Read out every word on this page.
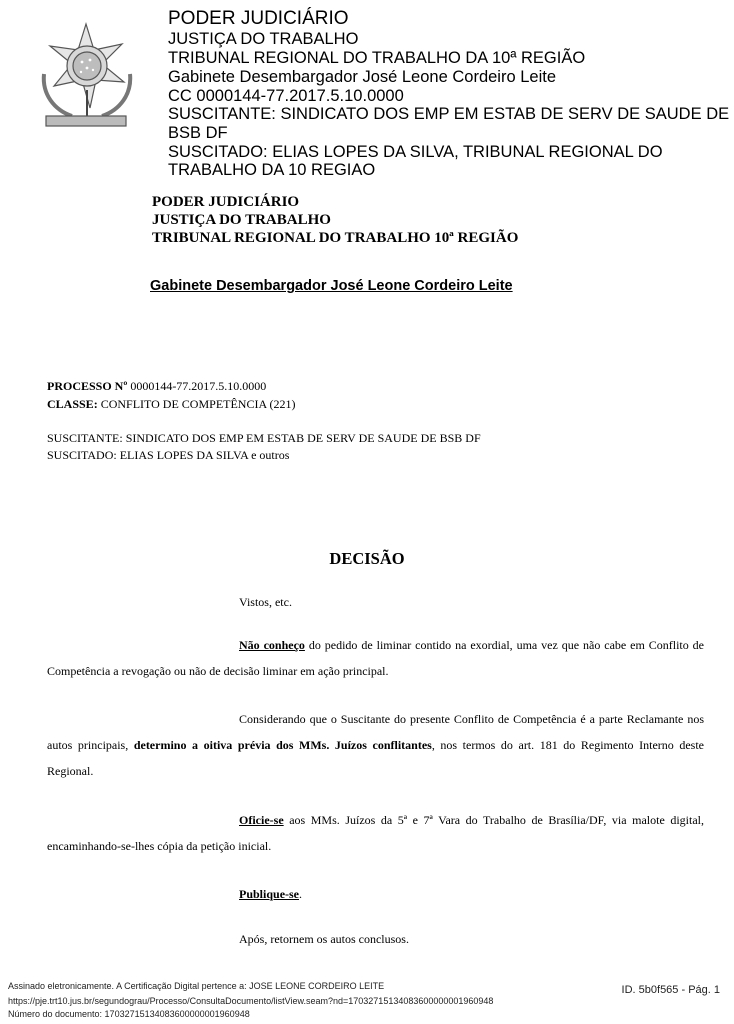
PODER JUDICIÁRIO
JUSTIÇA DO TRABALHO
TRIBUNAL REGIONAL DO TRABALHO DA 10ª REGIÃO
Gabinete Desembargador José Leone Cordeiro Leite
CC 0000144-77.2017.5.10.0000
SUSCITANTE: SINDICATO DOS EMP EM ESTAB DE SERV DE SAUDE DE
BSB DF
SUSCITADO: ELIAS LOPES DA SILVA, TRIBUNAL REGIONAL DO
TRABALHO DA 10 REGIAO
PODER JUDICIÁRIO
JUSTIÇA DO TRABALHO
TRIBUNAL REGIONAL DO TRABALHO 10ª REGIÃO
Gabinete Desembargador José Leone Cordeiro Leite
PROCESSO Nº 0000144-77.2017.5.10.0000
CLASSE: CONFLITO DE COMPETÊNCIA (221)
SUSCITANTE: SINDICATO DOS EMP EM ESTAB DE SERV DE SAUDE DE BSB DF
SUSCITADO: ELIAS LOPES DA SILVA e outros
DECISÃO
Vistos, etc.
Não conheço do pedido de liminar contido na exordial, uma vez que não cabe em Conflito de Competência a revogação ou não de decisão liminar em ação principal.
Considerando que o Suscitante do presente Conflito de Competência é a parte Reclamante nos autos principais, determino a oitiva prévia dos MMs. Juízos conflitantes, nos termos do art. 181 do Regimento Interno deste Regional.
Oficie-se aos MMs. Juízos da 5ª e 7ª Vara do Trabalho de Brasília/DF, via malote digital, encaminhando-se-lhes cópia da petição inicial.
Publique-se.
Após, retornem os autos conclusos.
Assinado eletronicamente. A Certificação Digital pertence a: JOSE LEONE CORDEIRO LEITE
https://pje.trt10.jus.br/segundograu/Processo/ConsultaDocumento/listView.seam?nd=17032715134083600000001960948
Número do documento: 17032715134083600000001960948
ID. 5b0f565 - Pág. 1
